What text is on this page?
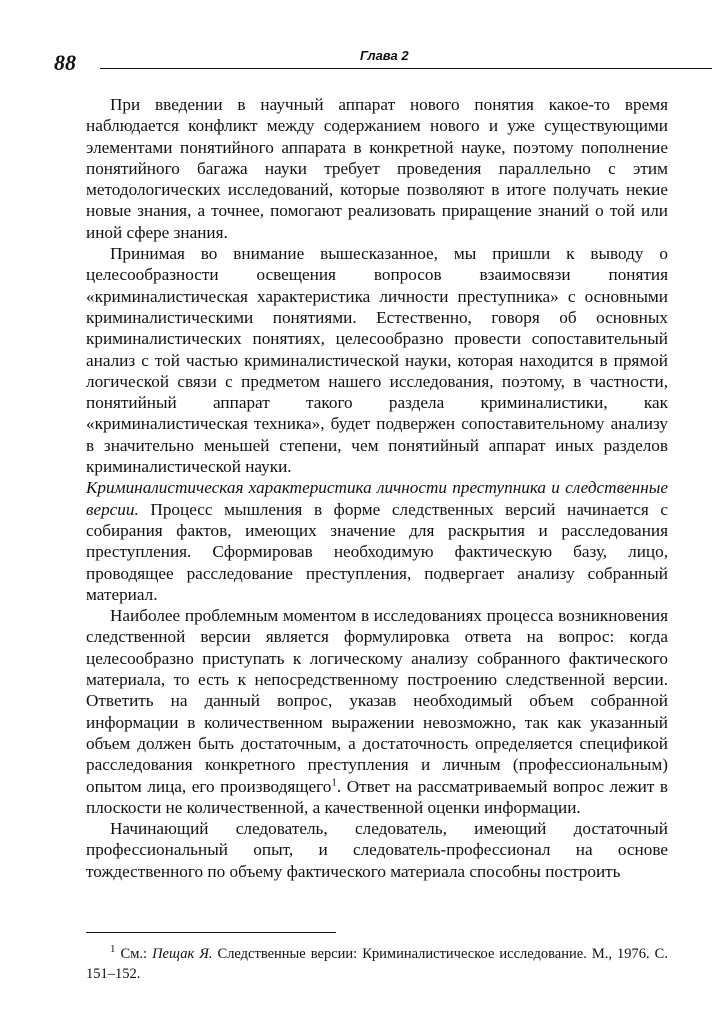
88	Глава 2

При введении в научный аппарат нового понятия какое-то время наблюдается конфликт между содержанием нового и уже существующими элементами понятийного аппарата в конкретной науке, поэтому пополнение понятийного багажа науки требует проведения параллельно с этим методологических исследований, которые позволяют в итоге получать некие новые знания, а точнее, помогают реализовать приращение знаний о той или иной сфере знания.

Принимая во внимание вышесказанное, мы пришли к выводу о целесообразности освещения вопросов взаимосвязи понятия «криминалистическая характеристика личности преступника» с основными криминалистическими понятиями. Естественно, говоря об основных криминалистических понятиях, целесообразно провести сопоставительный анализ с той частью криминалистической науки, которая находится в прямой логической связи с предметом нашего исследования, поэтому, в частности, понятийный аппарат такого раздела криминалистики, как «криминалистическая техника», будет подвержен сопоставительному анализу в значительно меньшей степени, чем понятийный аппарат иных разделов криминалистической науки.

Криминалистическая характеристика личности преступника и следственные версии. Процесс мышления в форме следственных версий начинается с собирания фактов, имеющих значение для раскрытия и расследования преступления. Сформировав необходимую фактическую базу, лицо, проводящее расследование преступления, подвергает анализу собранный материал.

Наиболее проблемным моментом в исследованиях процесса возникновения следственной версии является формулировка ответа на вопрос: когда целесообразно приступать к логическому анализу собранного фактического материала, то есть к непосредственному построению следственной версии. Ответить на данный вопрос, указав необходимый объем собранной информации в количественном выражении невозможно, так как указанный объем должен быть достаточным, а достаточность определяется спецификой расследования конкретного преступления и личным (профессиональным) опытом лица, его производящего$^1$. Ответ на рассматриваемый вопрос лежит в плоскости не количественной, а качественной оценки информации.

Начинающий следователь, следователь, имеющий достаточный профессиональный опыт, и следователь-профессионал на основе тождественного по объему фактического материала способны построить

$^1$ См.: Пещак Я. Следственные версии: Криминалистическое исследование. М., 1976. С. 151–152.
